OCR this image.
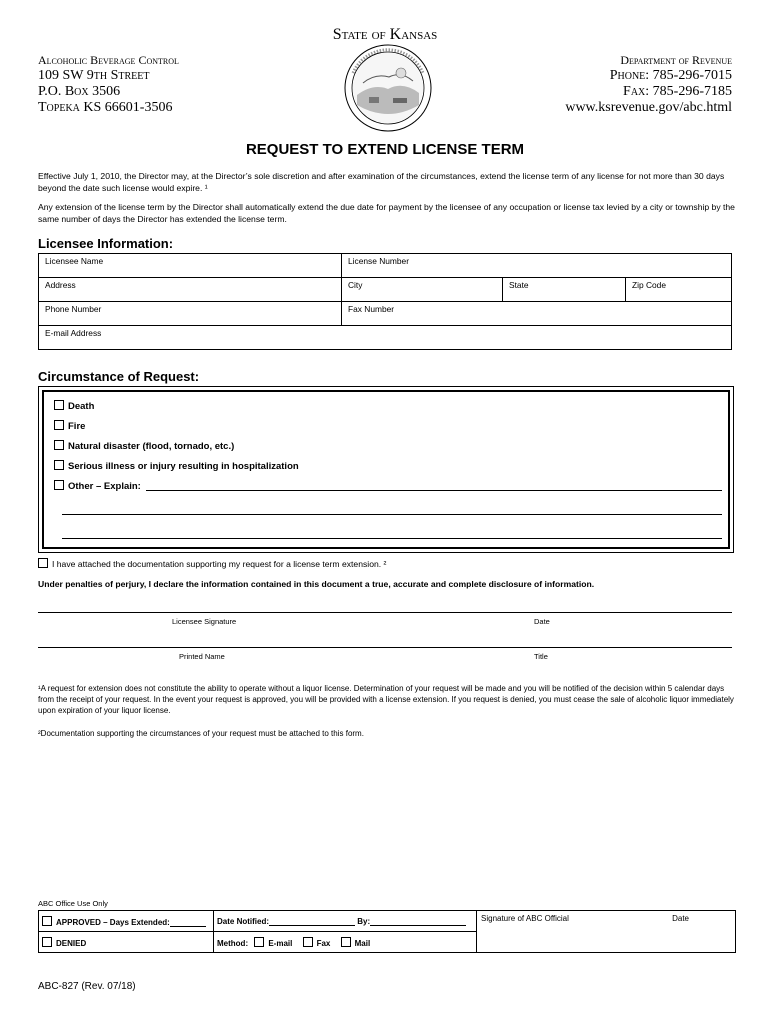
State of Kansas
Alcoholic Beverage Control
109 SW 9th Street
P.O. Box 3506
Topeka KS 66601-3506
Department of Revenue
Phone: 785-296-7015
Fax: 785-296-7185
www.ksrevenue.gov/abc.html
REQUEST TO EXTEND LICENSE TERM
Effective July 1, 2010, the Director may, at the Director’s sole discretion and after examination of the circumstances, extend the license term of any license for not more than 30 days beyond the date such license would expire. ¹
Any extension of the license term by the Director shall automatically extend the due date for payment by the licensee of any occupation or license tax levied by a city or township by the same number of days the Director has extended the license term.
Licensee Information:
Licensee Name	License Number		
Address	City	State	Zip Code
Phone Number	Fax Number		
E-mail Address			
Circumstance of Request:
Death
Fire
Natural disaster (flood, tornado, etc.)
Serious illness or injury resulting in hospitalization
Other – Explain:
I have attached the documentation supporting my request for a license term extension. ²
Under penalties of perjury, I declare the information contained in this document a true, accurate and complete disclosure of information.
Licensee Signature	Date
Printed Name	Title
¹A request for extension does not constitute the ability to operate without a liquor license. Determination of your request will be made and you will be notified of the decision within 5 calendar days from the receipt of your request. In the event your request is approved, you will be provided with a license extension. If you request is denied, you must cease the sale of alcoholic liquor immediately upon expiration of your liquor license.
²Documentation supporting the circumstances of your request must be attached to this form.
ABC Office Use Only
APPROVED – Days Extended:	Date Notified: By:	Signature of ABC Official Date

DENIED	Method: E-mail Fax Mail	
ABC-827 (Rev. 07/18)
